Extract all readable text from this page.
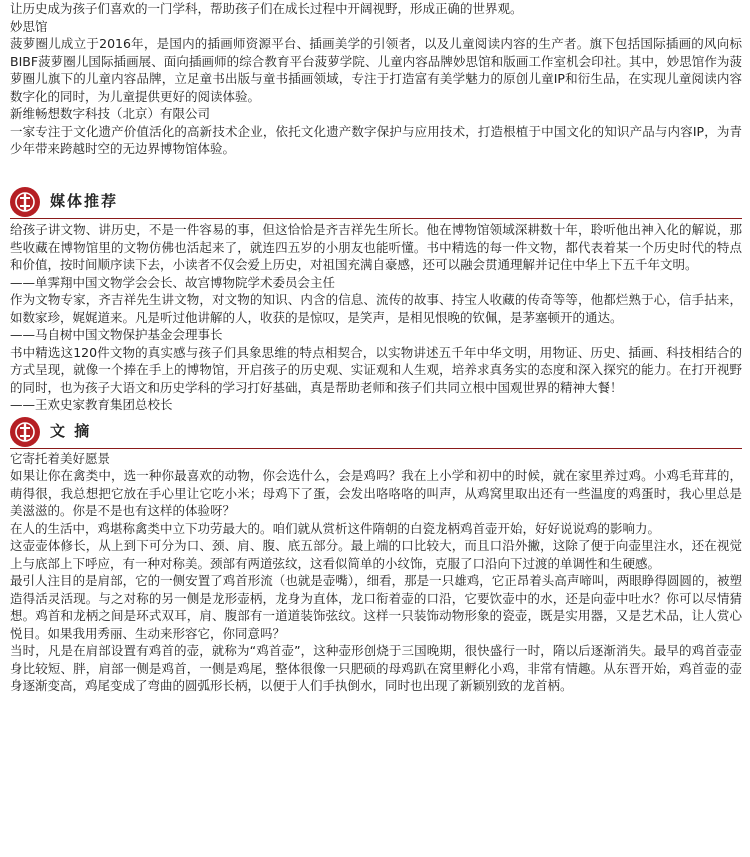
让历史成为孩子们喜欢的一门学科，帮助孩子们在成长过程中开阔视野，形成正确的世界观。

妙思馆

菠萝圈儿成立于2016年，是国内的插画师资源平台、插画美学的引领者，以及儿童阅读内容的生产者。旗下包括国际插画的风向标BIBF菠萝圈儿国际插画展、面向插画师的综合教育平台菠萝学院、儿童内容品牌妙思馆和版画工作室机会印社。其中，妙思馆作为菠萝圈儿旗下的儿童内容品牌，立足童书出版与童书插画领域，专注于打造富有美学魅力的原创儿童IP和衍生品，在实现儿童阅读内容数字化的同时，为儿童提供更好的阅读体验。

新维畅想数字科技（北京）有限公司

一家专注于文化遗产价值活化的高新技术企业，依托文化遗产数字保护与应用技术，打造根植于中国文化的知识产品与内容IP，为青少年带来跨越时空的无边界博物馆体验。

媒体推荐

给孩子讲文物、讲历史，不是一件容易的事，但这恰恰是齐吉祥先生所长。他在博物馆领域深耕数十年，聆听他出神入化的解说，那些收藏在博物馆里的文物仿佛也活起来了，就连四五岁的小朋友也能听懂。书中精选的每一件文物，都代表着某一个历史时代的特点和价值，按时间顺序读下去，小读者不仅会爱上历史，对祖国充满自豪感，还可以融会贯通理解并记住中华上下五千年文明。

——单霁翔中国文物学会会长、故宫博物院学术委员会主任

作为文物专家，齐吉祥先生讲文物，对文物的知识、内含的信息、流传的故事、持宝人收藏的传奇等等，他都烂熟于心，信手拈来，如数家珍，娓娓道来。凡是听过他讲解的人，收获的是惊叹，是笑声，是相见恨晚的钦佩，是茅塞顿开的通达。

——马自树中国文物保护基金会理事长

书中精选这120件文物的真实感与孩子们具象思维的特点相契合，以实物讲述五千年中华文明，用物证、历史、插画、科技相结合的方式呈现，就像一个捧在手上的博物馆，开启孩子的历史观、实证观和人生观，培养求真务实的态度和深入探究的能力。在打开视野的同时，也为孩子大语文和历史学科的学习打好基础，真是帮助老师和孩子们共同立根中国观世界的精神大餐！

——王欢史家教育集团总校长

文 摘

它寄托着美好愿景

如果让你在禽类中，选一种你最喜欢的动物，你会选什么，会是鸡吗？我在上小学和初中的时候，就在家里养过鸡。小鸡毛茸茸的，萌得很，我总想把它放在手心里让它吃小米；母鸡下了蛋，会发出咯咯咯的叫声，从鸡窝里取出还有一些温度的鸡蛋时，我心里总是美滋滋的。你是不是也有这样的体验呀？

在人的生活中，鸡堪称禽类中立下功劳最大的。咱们就从赏析这件隋朝的白瓷龙柄鸡首壶开始，好好说说鸡的影响力。

这壶壶体修长，从上到下可分为口、颈、肩、腹、底五部分。最上端的口比较大，而且口沿外撇，这除了便于向壶里注水，还在视觉上与底部上下呼应，有一种对称美。颈部有两道弦纹，这看似简单的小纹饰，克服了口沿向下过渡的单调性和生硬感。

最引人注目的是肩部，它的一侧安置了鸡首形流（也就是壶嘴），细看，那是一只雄鸡，它正昂着头高声啼叫，两眼睁得圆圆的，被塑造得活灵活现。与之对称的另一侧是龙形壶柄，龙身为直体，龙口衔着壶的口沿，它要饮壶中的水，还是向壶中吐水？你可以尽情猜想。鸡首和龙柄之间是环式双耳，肩、腹部有一道道装饰弦纹。这样一只装饰动物形象的瓷壶，既是实用器，又是艺术品，让人赏心悦目。如果我用秀丽、生动来形容它，你同意吗？

当时，凡是在肩部设置有鸡首的壶，就称为“鸡首壶”，这种壶形创烧于三国晚期，很快盛行一时，隋以后逐渐消失。最早的鸡首壶壶身比较短、胖，肩部一侧是鸡首，一侧是鸡尾，整体很像一只肥硕的母鸡趴在窝里孵化小鸡，非常有情趣。从东晋开始，鸡首壶的壶身逐渐变高，鸡尾变成了弯曲的圆弧形长柄，以便于人们手执倒水，同时也出现了新颖别致的龙首柄。
